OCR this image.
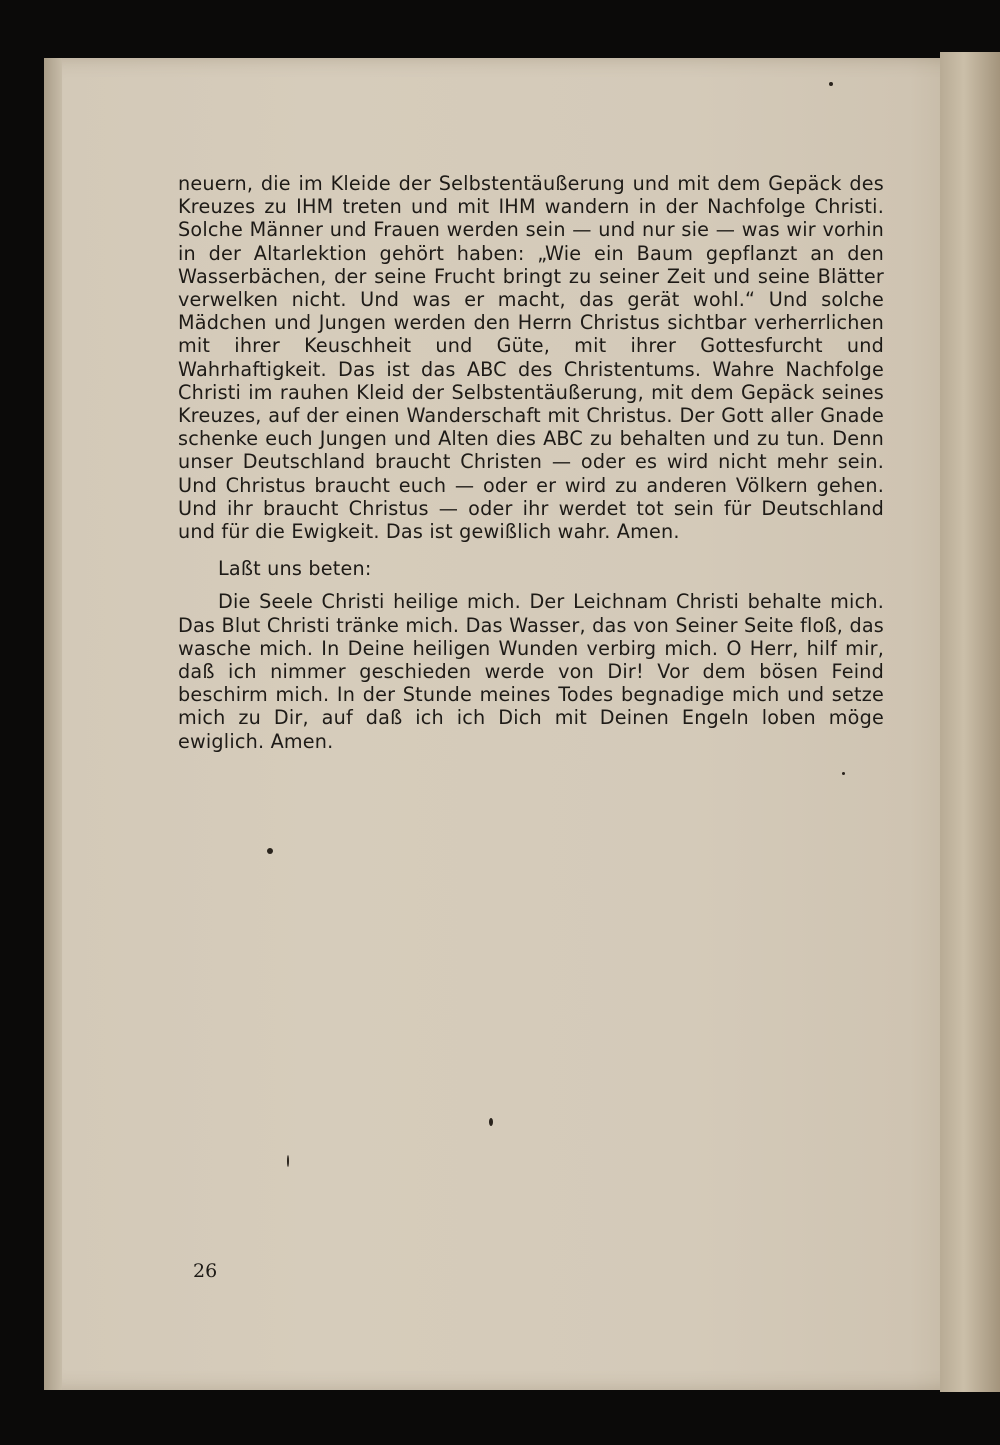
neuern, die im Kleide der Selbstentäußerung und mit dem Gepäck des Kreuzes zu IHM treten und mit IHM wandern in der Nachfolge Christi. Solche Männer und Frauen werden sein — und nur sie — was wir vorhin in der Altarlektion gehört haben: „Wie ein Baum gepflanzt an den Wasserbächen, der seine Frucht bringt zu seiner Zeit und seine Blätter verwelken nicht. Und was er macht, das gerät wohl.“ Und solche Mädchen und Jungen werden den Herrn Christus sichtbar verherrlichen mit ihrer Keuschheit und Güte, mit ihrer Gottesfurcht und Wahrhaftigkeit. Das ist das ABC des Christentums. Wahre Nachfolge Christi im rauhen Kleid der Selbstentäußerung, mit dem Gepäck seines Kreuzes, auf der einen Wanderschaft mit Christus. Der Gott aller Gnade schenke euch Jungen und Alten dies ABC zu behalten und zu tun. Denn unser Deutschland braucht Christen — oder es wird nicht mehr sein. Und Christus braucht euch — oder er wird zu anderen Völkern gehen. Und ihr braucht Christus — oder ihr werdet tot sein für Deutschland und für die Ewigkeit. Das ist gewißlich wahr. Amen.

Laßt uns beten:

Die Seele Christi heilige mich. Der Leichnam Christi behalte mich. Das Blut Christi tränke mich. Das Wasser, das von Seiner Seite floß, das wasche mich. In Deine heiligen Wunden verbirg mich. O Herr, hilf mir, daß ich nimmer geschieden werde von Dir! Vor dem bösen Feind beschirm mich. In der Stunde meines Todes begnadige mich und setze mich zu Dir, auf daß ich ich Dich mit Deinen Engeln loben möge ewiglich. Amen.

26
